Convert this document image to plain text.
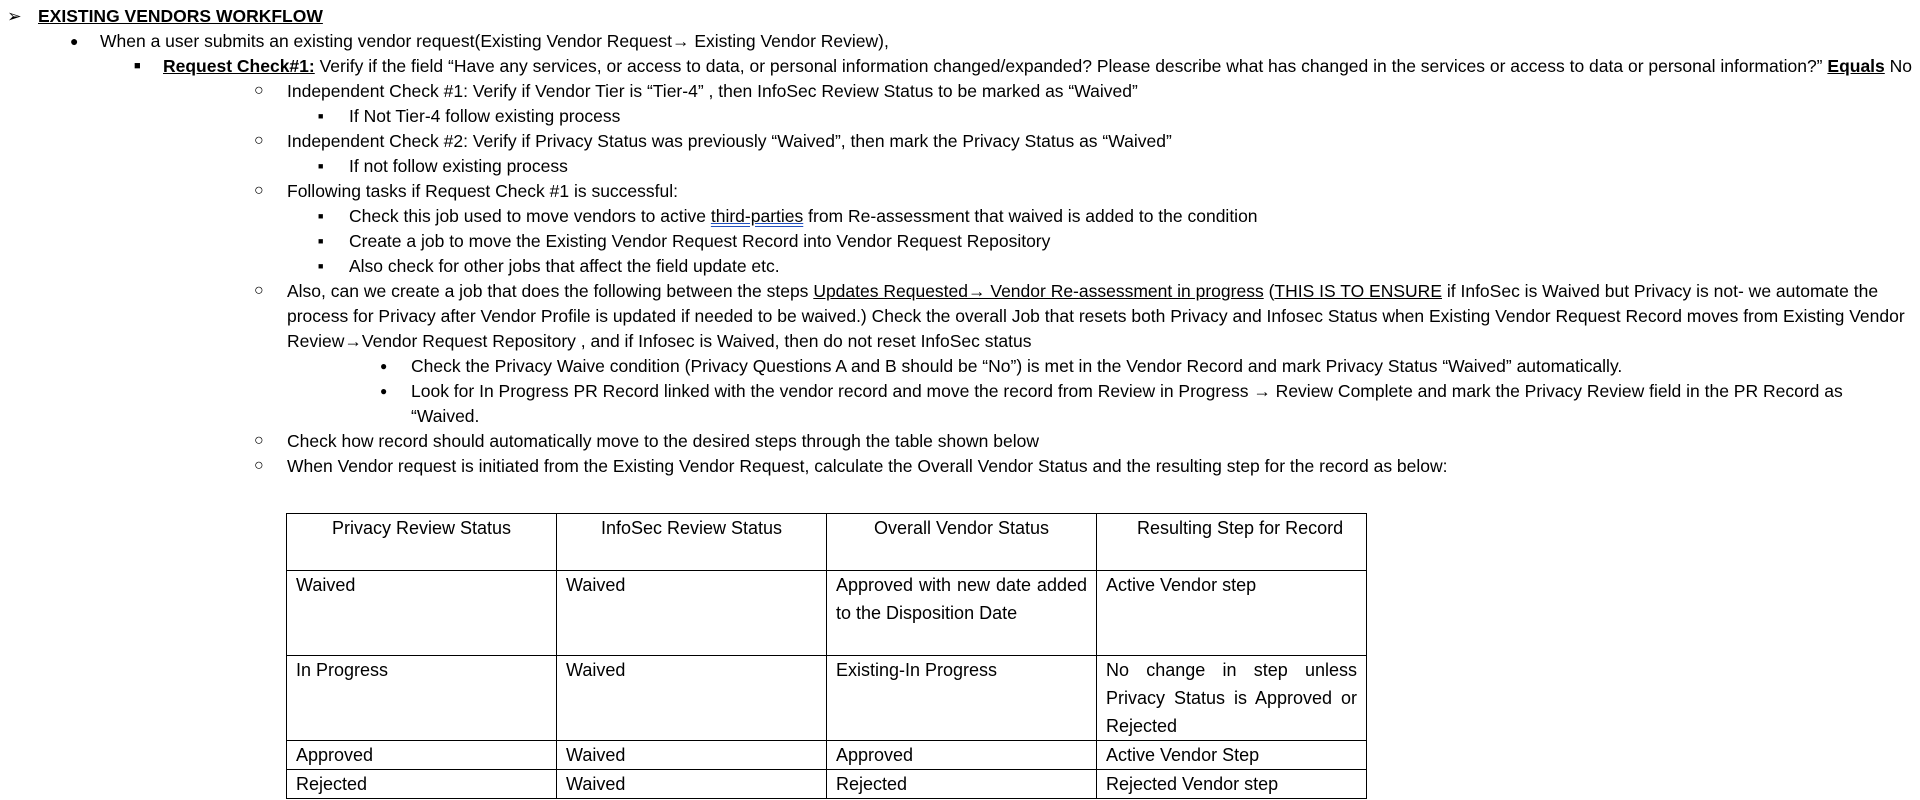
➢ EXISTING VENDORS WORKFLOW
● When a user submits an existing vendor request(Existing Vendor Request→ Existing Vendor Review),
■ Request Check#1: Verify if the field “Have any services, or access to data, or personal information changed/expanded? Please describe what has changed in the services or access to data or personal information?” Equals No
○ Independent Check #1: Verify if Vendor Tier is “Tier-4” , then InfoSec Review Status to be marked as “Waived”
■ If Not Tier-4 follow existing process
○ Independent Check #2: Verify if Privacy Status was previously “Waived”, then mark the Privacy Status as “Waived”
■ If not follow existing process
○ Following tasks if Request Check #1 is successful:
■ Check this job used to move vendors to active third-parties from Re-assessment that waived is added to the condition
■ Create a job to move the Existing Vendor Request Record into Vendor Request Repository
■ Also check for other jobs that affect the field update etc.
○ Also, can we create a job that does the following between the steps Updates Requested→ Vendor Re-assessment in progress (THIS IS TO ENSURE if InfoSec is Waived but Privacy is not- we automate the process for Privacy after Vendor Profile is updated if needed to be waived.) Check the overall Job that resets both Privacy and Infosec Status when Existing Vendor Request Record moves from Existing Vendor Review→Vendor Request Repository , and if Infosec is Waived, then do not reset InfoSec status
● Check the Privacy Waive condition (Privacy Questions A and B should be “No”) is met in the Vendor Record and mark Privacy Status “Waived” automatically.
● Look for In Progress PR Record linked with the vendor record and move the record from Review in Progress → Review Complete and mark the Privacy Review field in the PR Record as “Waived.
○ Check how record should automatically move to the desired steps through the table shown below
○ When Vendor request is initiated from the Existing Vendor Request, calculate the Overall Vendor Status and the resulting step for the record as below:
Privacy Review Status	InfoSec Review Status	Overall Vendor Status	Resulting Step for Record
Waived	Waived	Approved with new date added to the Disposition Date	Active Vendor step
In Progress	Waived	Existing-In Progress	No change in step unless Privacy Status is Approved or Rejected
Approved	Waived	Approved	Active Vendor Step
Rejected	Waived	Rejected	Rejected Vendor step
